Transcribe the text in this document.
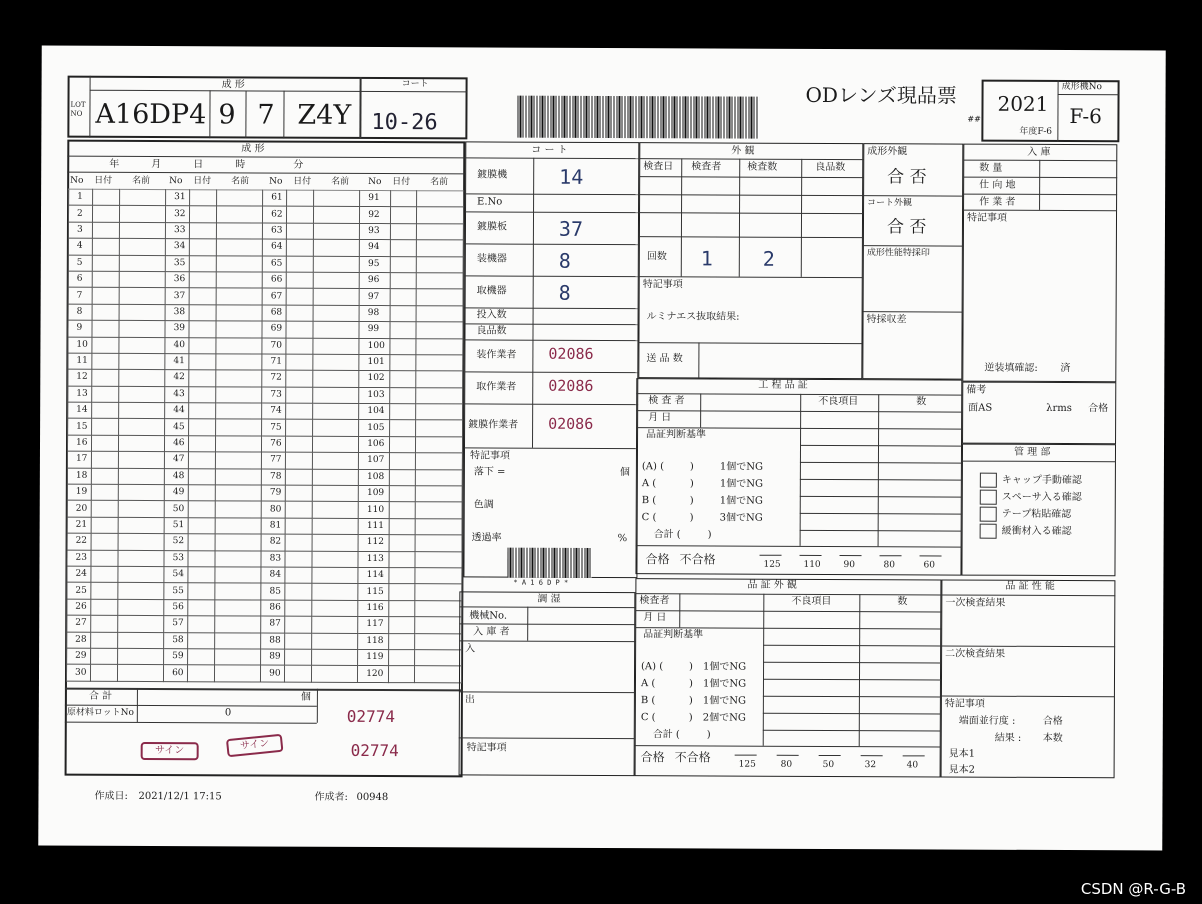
LOT NO
成 形	コート
A16DP4 9 7 Z4Y 10-26
ODレンズ現品票
##
2021
年度F-6
成形機No
F-6
成 形
年	月	日	時	分
No 日付 名前 No 日付 名前 No 日付 名前 No 日付 名前
1			31			61			91		
2			32			62			92		
3			33			63			93		
4			34			64			94		
5			35			65			95		
6			36			66			96		
7			37			67			97		
8			38			68			98		
9			39			69			99		
10			40			70			100		
11			41			71			101		
12			42			72			102		
13			43			73			103		
14			44			74			104		
15			45			75			105		
16			46			76			106		
17			47			77			107		
18			48			78			108		
19			49			79			109		
20			50			80			110		
21			51			81			111		
22			52			82			112		
23			53			83			113		
24			54			84			114		
25			55			85			115		
26			56			86			116		
27			57			87			117		
28			58			88			118		
29			59			89			119		
30			60			90			120		
合 計	個
原材料ロットNo	0	02774
02774
サイン	サイン
コ ー ト
鍍膜機	14
E.No
鍍膜板	37
装機器	8
取機器	8
投入数
良品数
装作業者 02086
取作業者 02086
鍍膜作業者 02086
特記事項
落下 =	個
色調
透過率	%
* A 1 6 D P *
調 湿
機械No.
入 庫 者
入
出
特記事項
外 観
検査日 検査者	検査数	良品数
回数 1 2
特記事項
ルミナエス抜取結果:
送 品 数
成形外観
合 否
コート外観
合 否
成形性能特採印
特採収差
入 庫
数 量
仕 向 地
作 業 者
特記事項
逆装填確認: 済
工 程 品 証
検 査 者	不良項目	数
月 日
品証判断基準
(A) (	)	1個でNG
A (	)	1個でNG
B (	)	1個でNG
C (	)	3個でNG
合計 (	)
合格 不合格	125	110	90	80	60
備考
面AS	λrms 合格
管 理 部
キャップ手動確認
スペーサ入る確認
テープ粘貼確認
緩衝材入る確認
品 証 外 観
検査者	不良項目	数
月 日
品証判断基準
(A) (	) 1個でNG
A (	) 1個でNG
B (	) 1個でNG
C (	) 2個でNG
合計 (	)
合格 不合格
125	80	50	32	40
品 証 性 能
一次検査結果
二次検査結果
特記事項
端面並行度 :	合格
結果 : 本数
見本1
見本2
作成日: 2021/12/1 17:15	作成者: 00948
CSDN @R-G-B
